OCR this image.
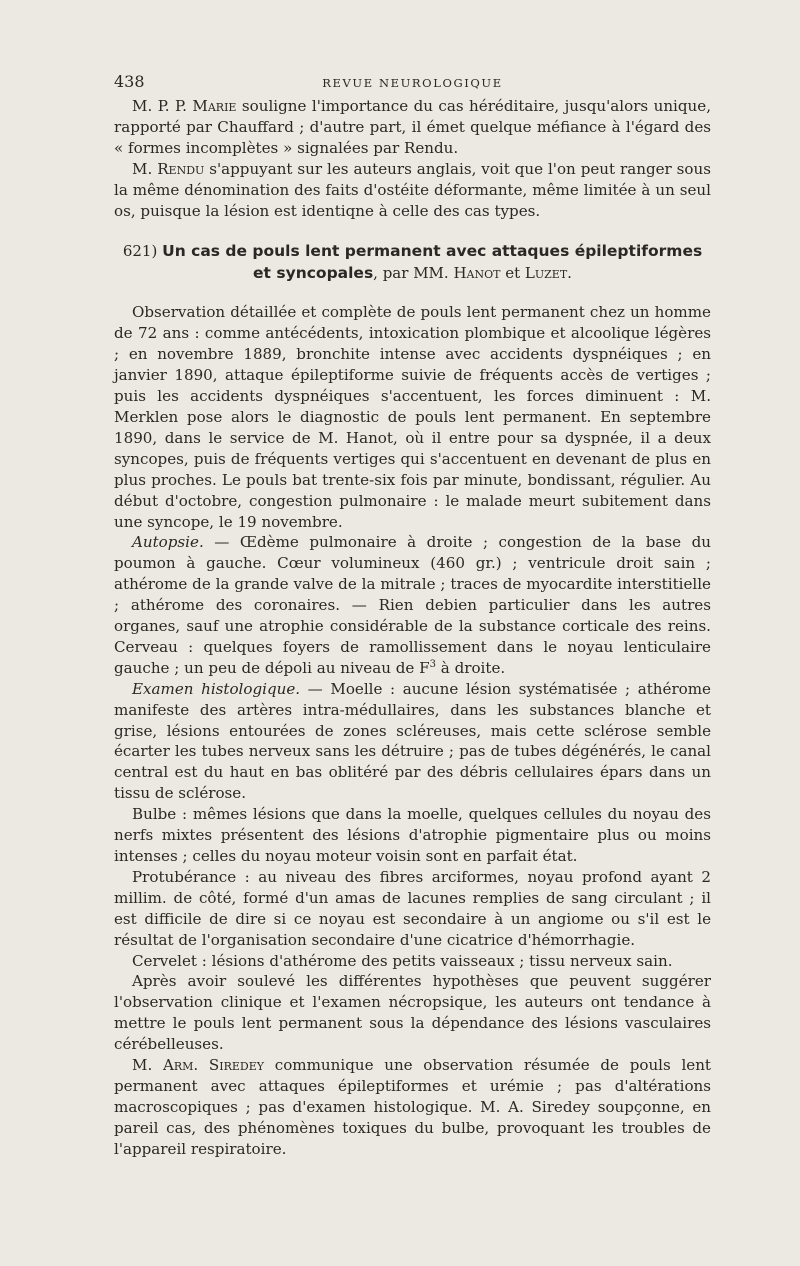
438	REVUE NEUROLOGIQUE

M. P. P. Marie souligne l'importance du cas héréditaire, jusqu'alors unique, rapporté par Chauffard ; d'autre part, il émet quelque méfiance à l'égard des « formes incomplètes » signalées par Rendu.

M. Rendu s'appuyant sur les auteurs anglais, voit que l'on peut ranger sous la même dénomination des faits d'ostéite déformante, même limitée à un seul os, puisque la lésion est identiqne à celle des cas types.

621) Un cas de pouls lent permanent avec attaques épileptiformes et syncopales, par MM. Hanot et Luzet.

Observation détaillée et complète de pouls lent permanent chez un homme de 72 ans : comme antécédents, intoxication plombique et alcoolique légères ; en novembre 1889, bronchite intense avec accidents dyspnéiques ; en janvier 1890, attaque épileptiforme suivie de fréquents accès de vertiges ; puis les accidents dyspnéiques s'accentuent, les forces diminuent : M. Merklen pose alors le diagnostic de pouls lent permanent. En septembre 1890, dans le service de M. Hanot, où il entre pour sa dyspnée, il a deux syncopes, puis de fréquents vertiges qui s'accentuent en devenant de plus en plus proches. Le pouls bat trente-six fois par minute, bondissant, régulier. Au début d'octobre, congestion pulmonaire : le malade meurt subitement dans une syncope, le 19 novembre.

Autopsie. — Œdème pulmonaire à droite ; congestion de la base du poumon à gauche. Cœur volumineux (460 gr.) ; ventricule droit sain ; athérome de la grande valve de la mitrale ; traces de myocardite interstitielle ; athérome des coronaires. — Rien debien particulier dans les autres organes, sauf une atrophie considérable de la substance corticale des reins. Cerveau : quelques foyers de ramollissement dans le noyau lenticulaire gauche ; un peu de dépoli au niveau de $F^3$ à droite.

Examen histologique. — Moelle : aucune lésion systématisée ; athérome manifeste des artères intra-médullaires, dans les substances blanche et grise, lésions entourées de zones scléreuses, mais cette sclérose semble écarter les tubes nerveux sans les détruire ; pas de tubes dégénérés, le canal central est du haut en bas oblitéré par des débris cellulaires épars dans un tissu de sclérose.

Bulbe : mêmes lésions que dans la moelle, quelques cellules du noyau des nerfs mixtes présentent des lésions d'atrophie pigmentaire plus ou moins intenses ; celles du noyau moteur voisin sont en parfait état.

Protubérance : au niveau des fibres arciformes, noyau profond ayant 2 millim. de côté, formé d'un amas de lacunes remplies de sang circulant ; il est difficile de dire si ce noyau est secondaire à un angiome ou s'il est le résultat de l'organisation secondaire d'une cicatrice d'hémorrhagie.

Cervelet : lésions d'athérome des petits vaisseaux ; tissu nerveux sain.

Après avoir soulevé les différentes hypothèses que peuvent suggérer l'observation clinique et l'examen nécropsique, les auteurs ont tendance à mettre le pouls lent permanent sous la dépendance des lésions vasculaires cérébelleuses.

M. Arm. Siredey communique une observation résumée de pouls lent permanent avec attaques épileptiformes et urémie ; pas d'altérations macroscopiques ; pas d'examen histologique. M. A. Siredey soupçonne, en pareil cas, des phénomènes toxiques du bulbe, provoquant les troubles de l'appareil respiratoire.
